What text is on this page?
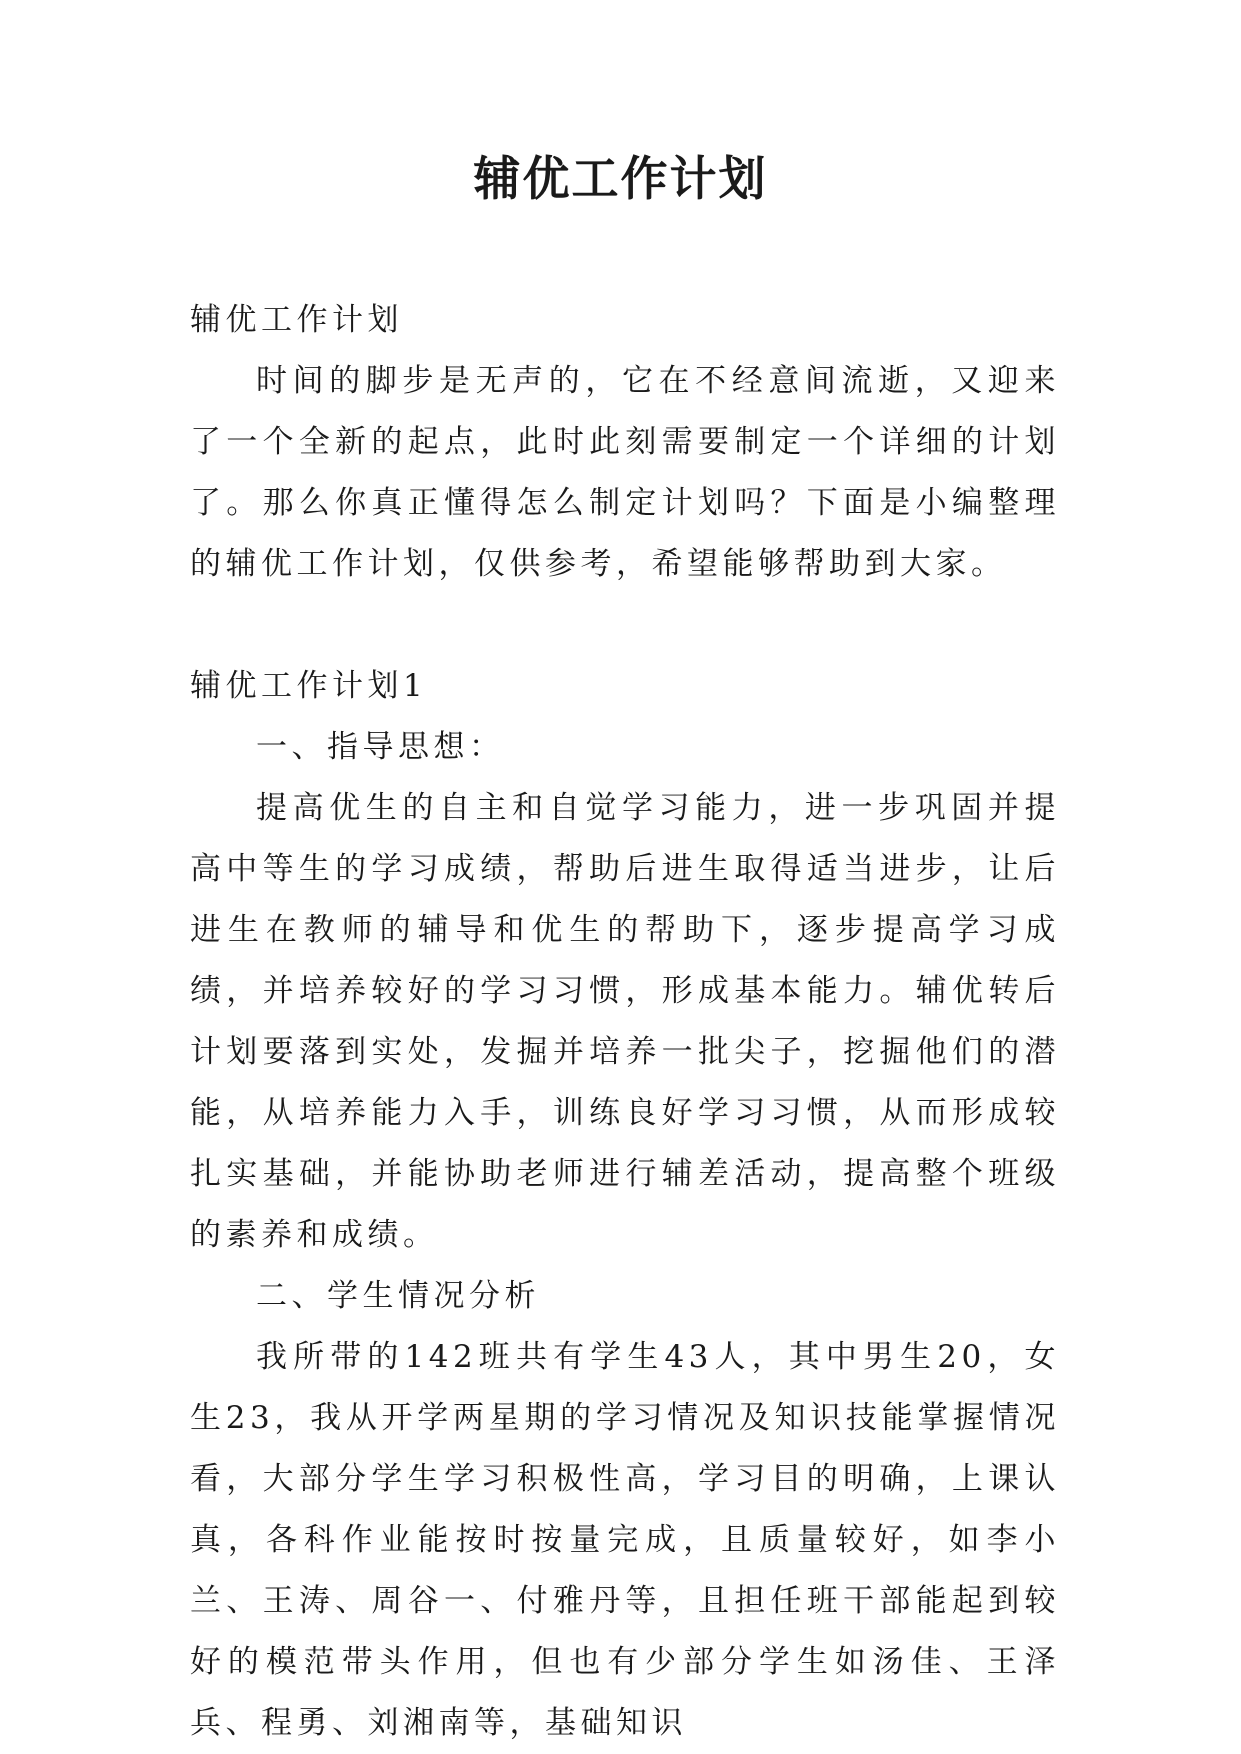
辅优工作计划

辅优工作计划

时间的脚步是无声的，它在不经意间流逝，又迎来了一个全新的起点，此时此刻需要制定一个详细的计划了。那么你真正懂得怎么制定计划吗？下面是小编整理的辅优工作计划，仅供参考，希望能够帮助到大家。

辅优工作计划1

一、指导思想：

提高优生的自主和自觉学习能力，进一步巩固并提高中等生的学习成绩，帮助后进生取得适当进步，让后进生在教师的辅导和优生的帮助下，逐步提高学习成绩，并培养较好的学习习惯，形成基本能力。辅优转后计划要落到实处，发掘并培养一批尖子，挖掘他们的潜能，从培养能力入手，训练良好学习习惯，从而形成较扎实基础，并能协助老师进行辅差活动，提高整个班级的素养和成绩。

二、学生情况分析

我所带的142班共有学生43人，其中男生20，女生23，我从开学两星期的学习情况及知识技能掌握情况看，大部分学生学习积极性高，学习目的明确，上课认真，各科作业能按时按量完成，且质量较好，如李小兰、王涛、周谷一、付雅丹等，且担任班干部能起到较好的模范带头作用，但也有少部分学生如汤佳、王泽兵、程勇、刘湘南等，基础知识
